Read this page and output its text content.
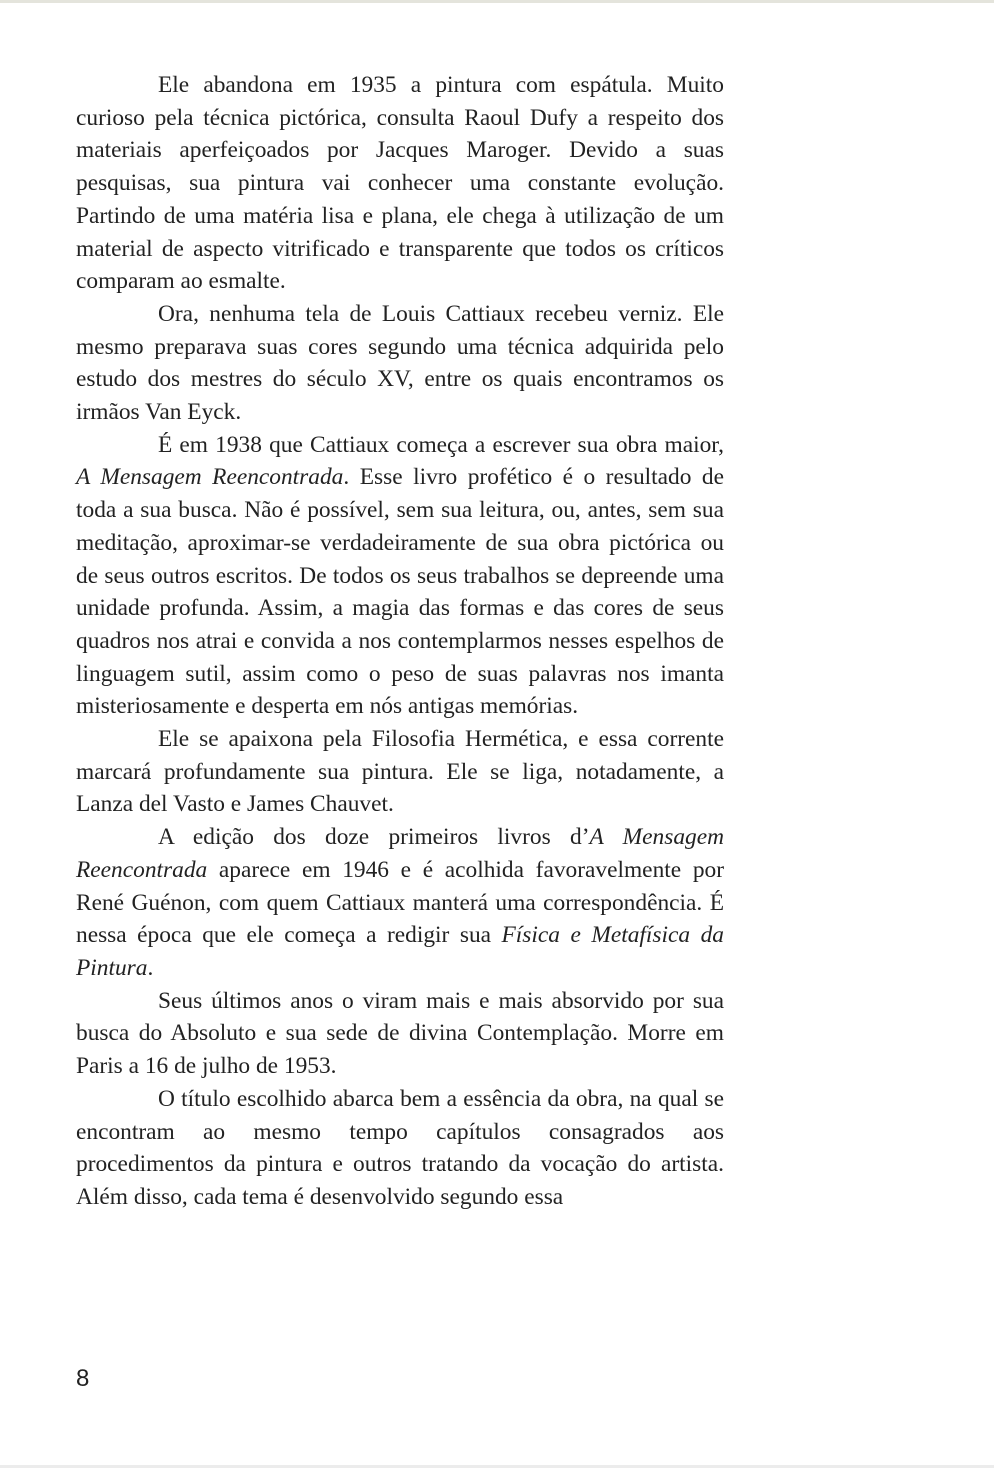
Ele abandona em 1935 a pintura com espátula. Muito curioso pela técnica pictórica, consulta Raoul Dufy a respeito dos materiais aperfeiçoados por Jacques Maroger. Devido a suas pesquisas, sua pintura vai conhecer uma constante evolução. Partindo de uma matéria lisa e plana, ele chega à utilização de um material de aspecto vitrificado e transparente que todos os críticos comparam ao esmalte.

Ora, nenhuma tela de Louis Cattiaux recebeu verniz. Ele mesmo preparava suas cores segundo uma técnica adquirida pelo estudo dos mestres do século XV, entre os quais encontramos os irmãos Van Eyck.

É em 1938 que Cattiaux começa a escrever sua obra maior, A Mensagem Reencontrada. Esse livro profético é o resultado de toda a sua busca. Não é possível, sem sua leitura, ou, antes, sem sua meditação, aproximar-se verdadeiramente de sua obra pictórica ou de seus outros escritos. De todos os seus trabalhos se depreende uma unidade profunda. Assim, a magia das formas e das cores de seus quadros nos atrai e convida a nos contemplarmos nesses espelhos de linguagem sutil, assim como o peso de suas palavras nos imanta misteriosamente e desperta em nós antigas memórias.

Ele se apaixona pela Filosofia Hermética, e essa corrente marcará profundamente sua pintura. Ele se liga, notadamente, a Lanza del Vasto e James Chauvet.

A edição dos doze primeiros livros d’A Mensagem Reencontrada aparece em 1946 e é acolhida favoravelmente por René Guénon, com quem Cattiaux manterá uma correspondência. É nessa época que ele começa a redigir sua Física e Metafísica da Pintura.

Seus últimos anos o viram mais e mais absorvido por sua busca do Absoluto e sua sede de divina Contemplação. Morre em Paris a 16 de julho de 1953.

O título escolhido abarca bem a essência da obra, na qual se encontram ao mesmo tempo capítulos consagrados aos procedimentos da pintura e outros tratando da vocação do artista. Além disso, cada tema é desenvolvido segundo essa

8
